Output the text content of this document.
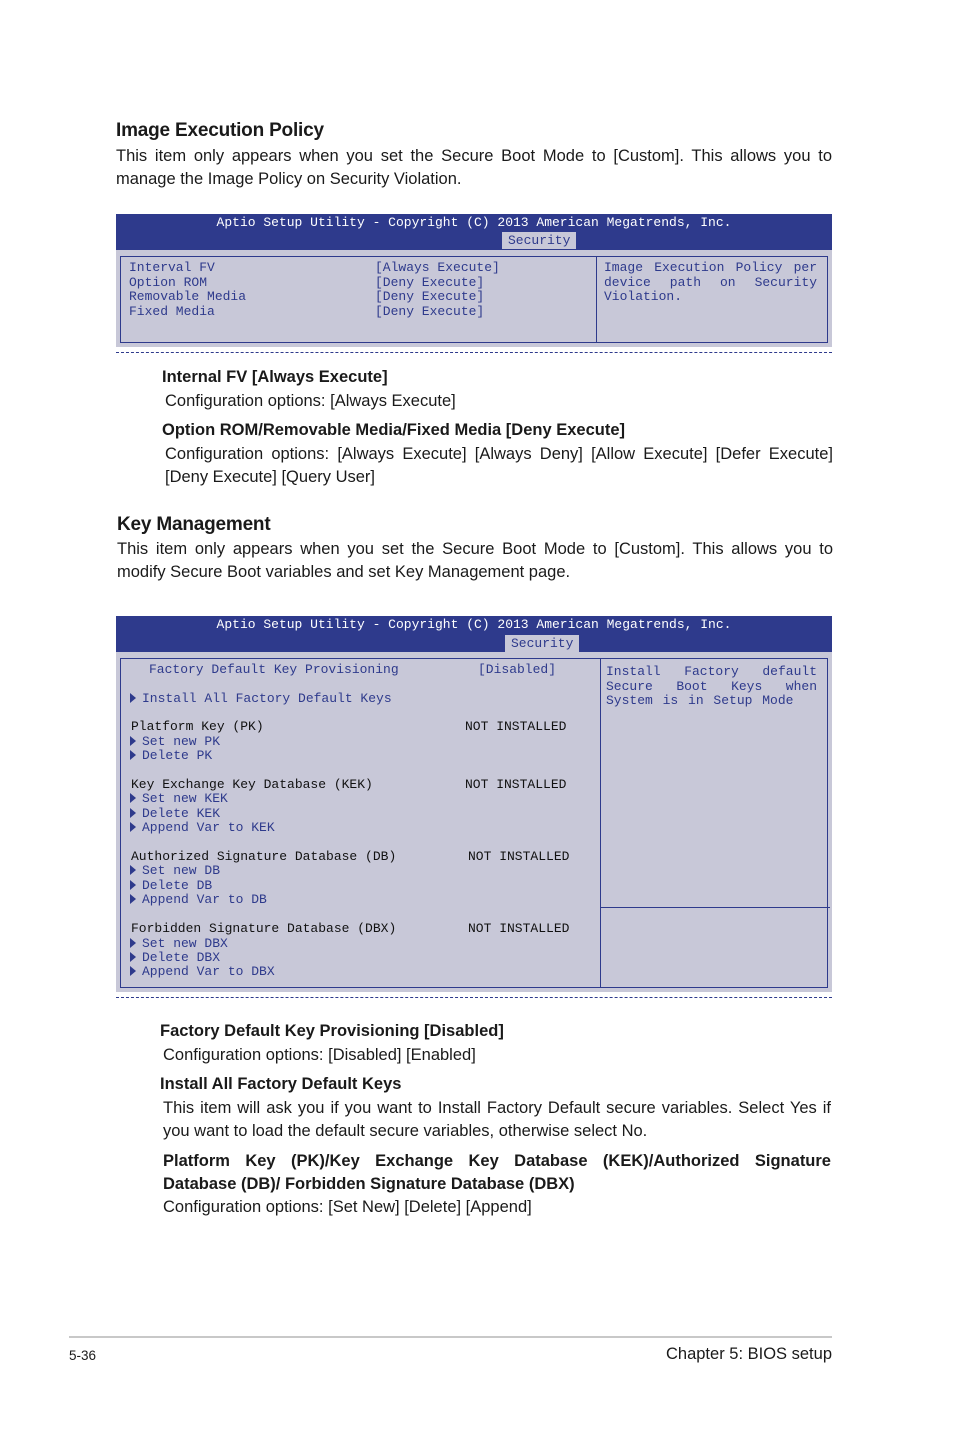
Image Execution Policy
This item only appears when you set the Secure Boot Mode to [Custom]. This allows you to manage the Image Policy on Security Violation.
Aptio Setup Utility - Copyright (C) 2013 American Megatrends, Inc.
Security
Interval FV	[Always Execute]
Option ROM	[Deny Execute]
Removable Media	[Deny Execute]
Fixed Media	[Deny Execute]
Image Execution Policy per device path on Security Violation.
Internal FV [Always Execute]
Configuration options: [Always Execute]
Option ROM/Removable Media/Fixed Media [Deny Execute]
Configuration options: [Always Execute] [Always Deny] [Allow Execute] [Defer Execute] [Deny Execute] [Query User]
Key Management
This item only appears when you set the Secure Boot Mode to [Custom]. This allows you to modify Secure Boot variables and set Key Management page.
Aptio Setup Utility - Copyright (C) 2013 American Megatrends, Inc.
Security
Factory Default Key Provisioning	[Disabled]
Install All Factory Default Keys
Platform Key (PK)	NOT INSTALLED
Set new PK
Delete PK
Key Exchange Key Database (KEK)	NOT INSTALLED
Set new KEK
Delete KEK
Append Var to KEK
Authorized Signature Database (DB)	NOT INSTALLED
Set new DB
Delete DB
Append Var to DB
Forbidden Signature Database (DBX)	NOT INSTALLED
Set new DBX
Delete DBX
Append Var to DBX
Install Factory default Secure Boot Keys when System is in Setup Mode
Factory Default Key Provisioning [Disabled]
Configuration options: [Disabled] [Enabled]
Install All Factory Default Keys
This item will ask you if you want to Install Factory Default secure variables. Select Yes if you want to load the default secure variables, otherwise select No.
Platform Key (PK)/Key Exchange Key Database (KEK)/Authorized Signature Database (DB)/ Forbidden Signature Database (DBX)
Configuration options: [Set New] [Delete] [Append]
5-36	Chapter 5: BIOS setup
